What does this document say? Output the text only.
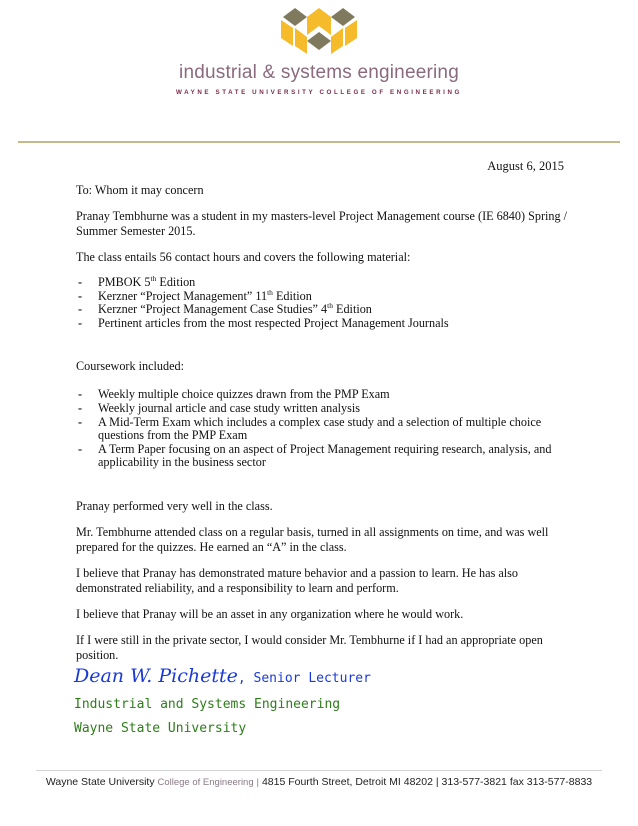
industrial & systems engineering
WAYNE STATE UNIVERSITY COLLEGE OF ENGINEERING
August 6, 2015

To: Whom it may concern

Pranay Tembhurne was a student in my masters-level Project Management course (IE 6840) Spring / Summer Semester 2015.

The class entails 56 contact hours and covers the following material:

- PMBOK 5th Edition
- Kerzner “Project Management” 11th Edition
- Kerzner “Project Management Case Studies” 4th Edition
- Pertinent articles from the most respected Project Management Journals

Coursework included:

- Weekly multiple choice quizzes drawn from the PMP Exam
- Weekly journal article and case study written analysis
- A Mid-Term Exam which includes a complex case study and a selection of multiple choice questions from the PMP Exam
- A Term Paper focusing on an aspect of Project Management requiring research, analysis, and applicability in the business sector

Pranay performed very well in the class.

Mr. Tembhurne attended class on a regular basis, turned in all assignments on time, and was well prepared for the quizzes. He earned an “A” in the class.

I believe that Pranay has demonstrated mature behavior and a passion to learn. He has also demonstrated reliability, and a responsibility to learn and perform.

I believe that Pranay will be an asset in any organization where he would work.

If I were still in the private sector, I would consider Mr. Tembhurne if I had an appropriate open position.

Dean W. Pichette, Senior Lecturer
Industrial and Systems Engineering
Wayne State University
Wayne State University College of Engineering | 4815 Fourth Street, Detroit MI 48202 | 313-577-3821 fax 313-577-8833
